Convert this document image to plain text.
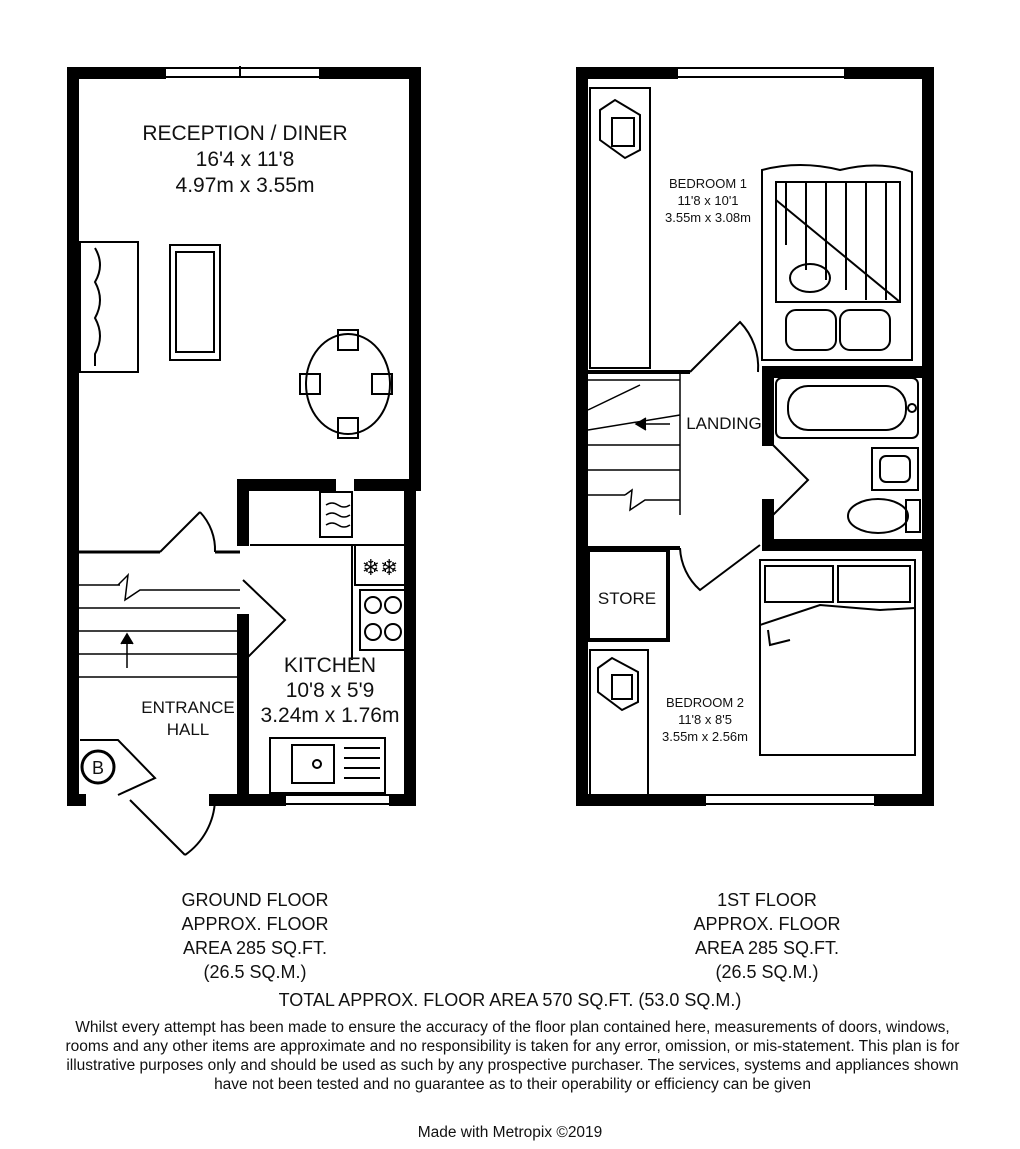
❄❄
RECEPTION / DINER
16'4 x 11'8
4.97m x 3.55m
KITCHEN
10'8 x 5'9
3.24m x 1.76m
ENTRANCE
HALL
B
BEDROOM 1
11'8 x 10'1
3.55m x 3.08m
LANDING
STORE
BEDROOM 2
11'8 x 8'5
3.55m x 2.56m
GROUND FLOOR
APPROX. FLOOR
AREA 285 SQ.FT.
(26.5 SQ.M.)
1ST FLOOR
APPROX. FLOOR
AREA 285 SQ.FT.
(26.5 SQ.M.)
TOTAL APPROX. FLOOR AREA 570 SQ.FT. (53.0 SQ.M.)
Whilst every attempt has been made to ensure the accuracy of the floor plan contained here, measurements of doors, windows, rooms and any other items are approximate and no responsibility is taken for any error, omission, or mis-statement. This plan is for illustrative purposes only and should be used as such by any prospective purchaser. The services, systems and appliances shown have not been tested and no guarantee as to their operability or efficiency can be given
Made with Metropix ©2019
